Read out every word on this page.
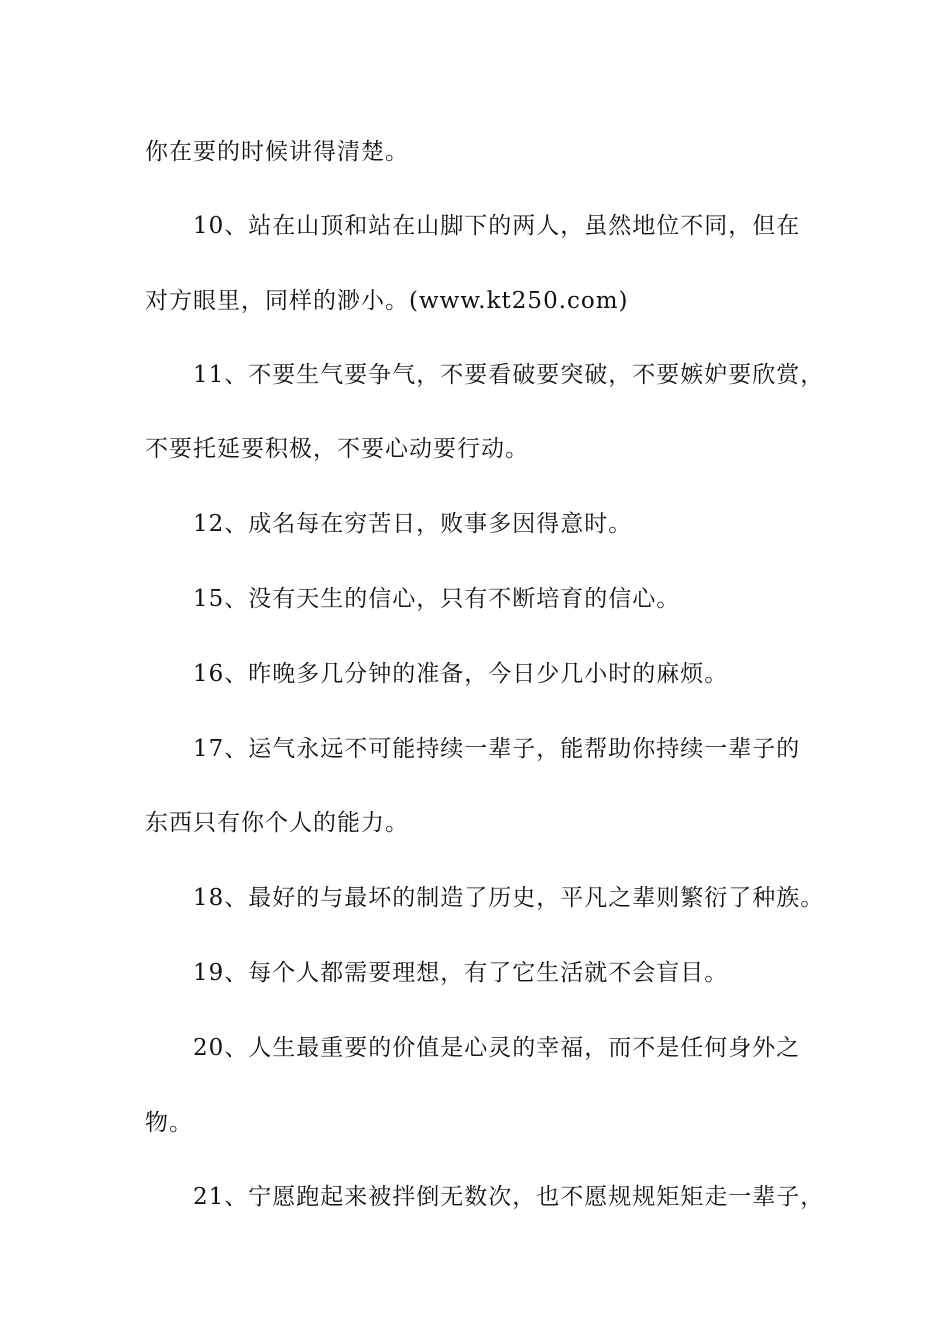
你在要的时候讲得清楚。
10、站在山顶和站在山脚下的两人，虽然地位不同，但在
对方眼里，同样的渺小。(www.kt250.com)
11、不要生气要争气，不要看破要突破，不要嫉妒要欣赏，
不要托延要积极，不要心动要行动。
12、成名每在穷苦日，败事多因得意时。
15、没有天生的信心，只有不断培育的信心。
16、昨晚多几分钟的准备，今日少几小时的麻烦。
17、运气永远不可能持续一辈子，能帮助你持续一辈子的
东西只有你个人的能力。
18、最好的与最坏的制造了历史，平凡之辈则繁衍了种族。
19、每个人都需要理想，有了它生活就不会盲目。
20、人生最重要的价值是心灵的幸福，而不是任何身外之
物。
21、宁愿跑起来被拌倒无数次，也不愿规规矩矩走一辈子，
